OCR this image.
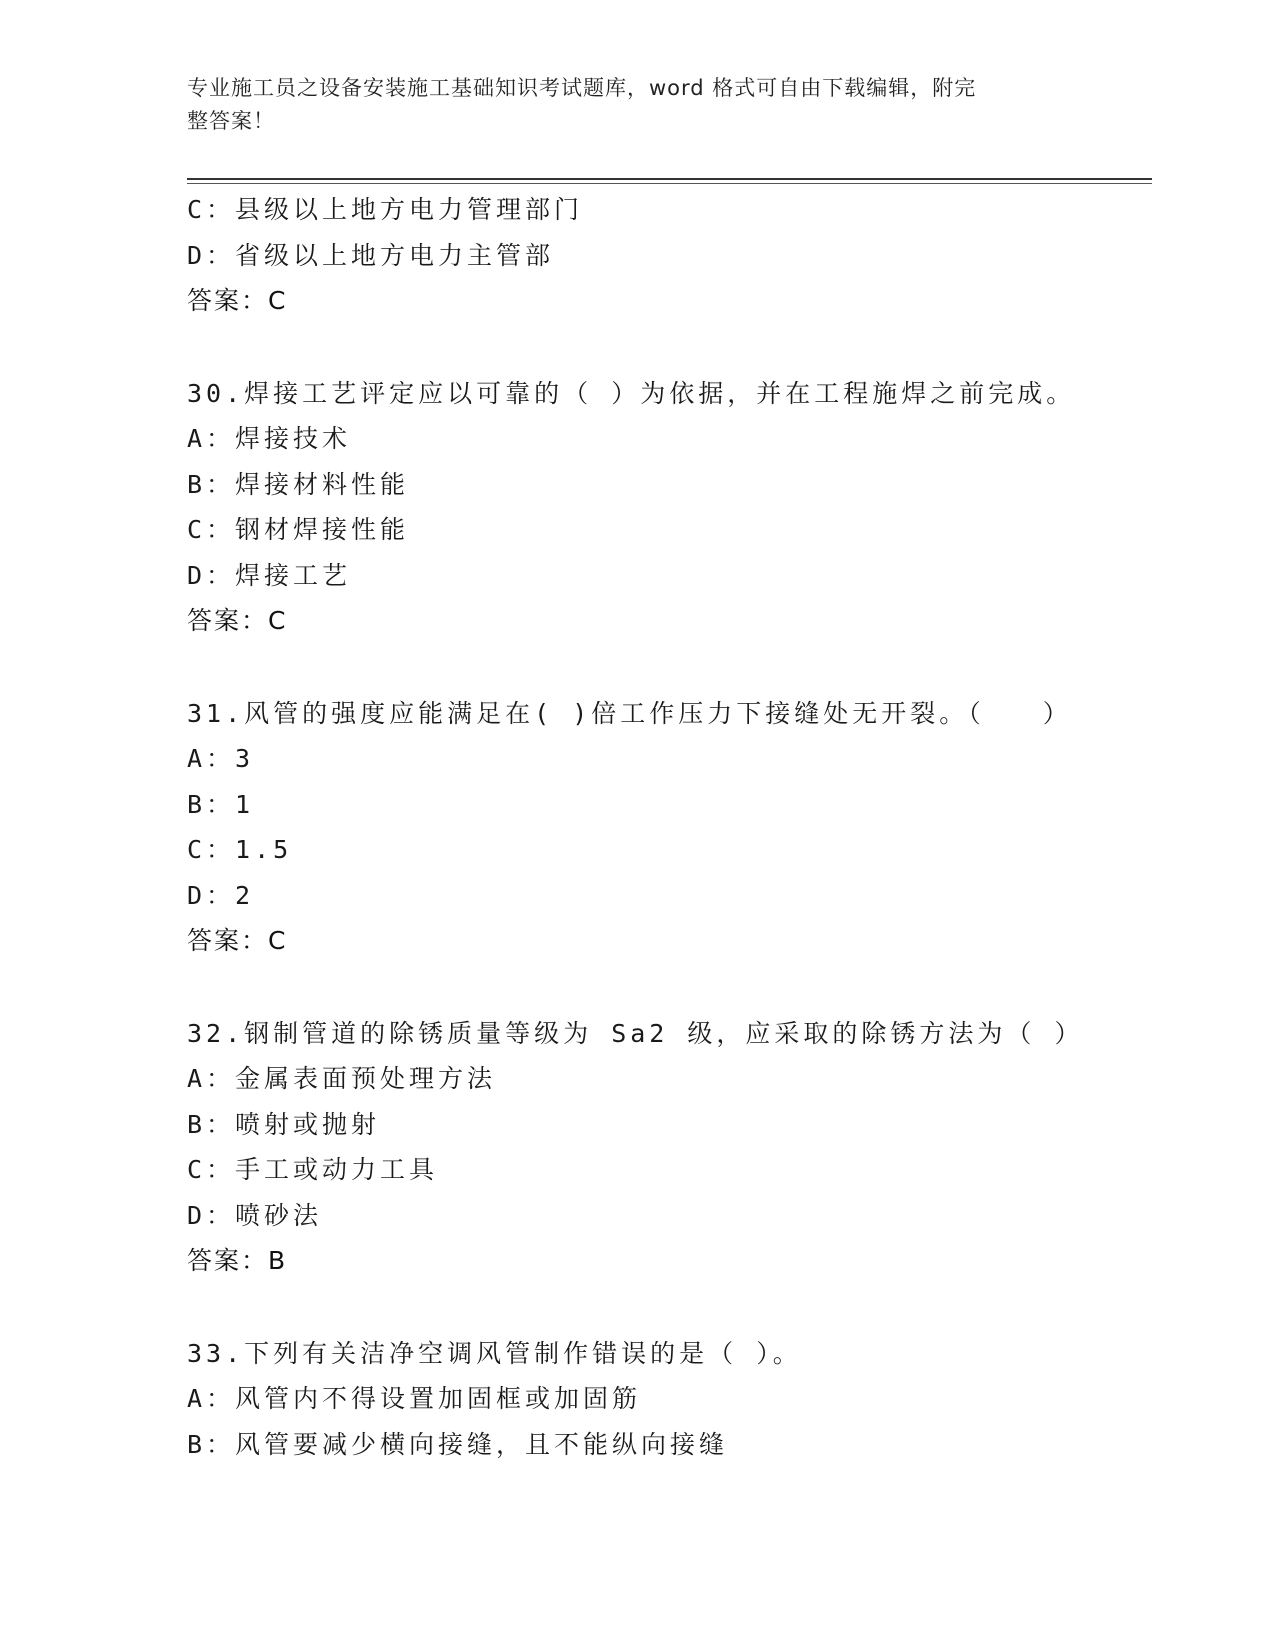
专业施工员之设备安装施工基础知识考试题库，word 格式可自由下载编辑，附完
整答案！
C：县级以上地方电力管理部门
D：省级以上地方电力主管部
答案：C
30.焊接工艺评定应以可靠的（ ）为依据，并在工程施焊之前完成。
A：焊接技术
B：焊接材料性能
C：钢材焊接性能
D：焊接工艺
答案：C
31.风管的强度应能满足在( )倍工作压力下接缝处无开裂。（　　）
A：3
B：1
C：1.5
D：2
答案：C
32.钢制管道的除锈质量等级为 Sa2 级，应采取的除锈方法为（ ）
A：金属表面预处理方法
B：喷射或抛射
C：手工或动力工具
D：喷砂法
答案：B
33.下列有关洁净空调风管制作错误的是（ ）。
A：风管内不得设置加固框或加固筋
B：风管要减少横向接缝，且不能纵向接缝
